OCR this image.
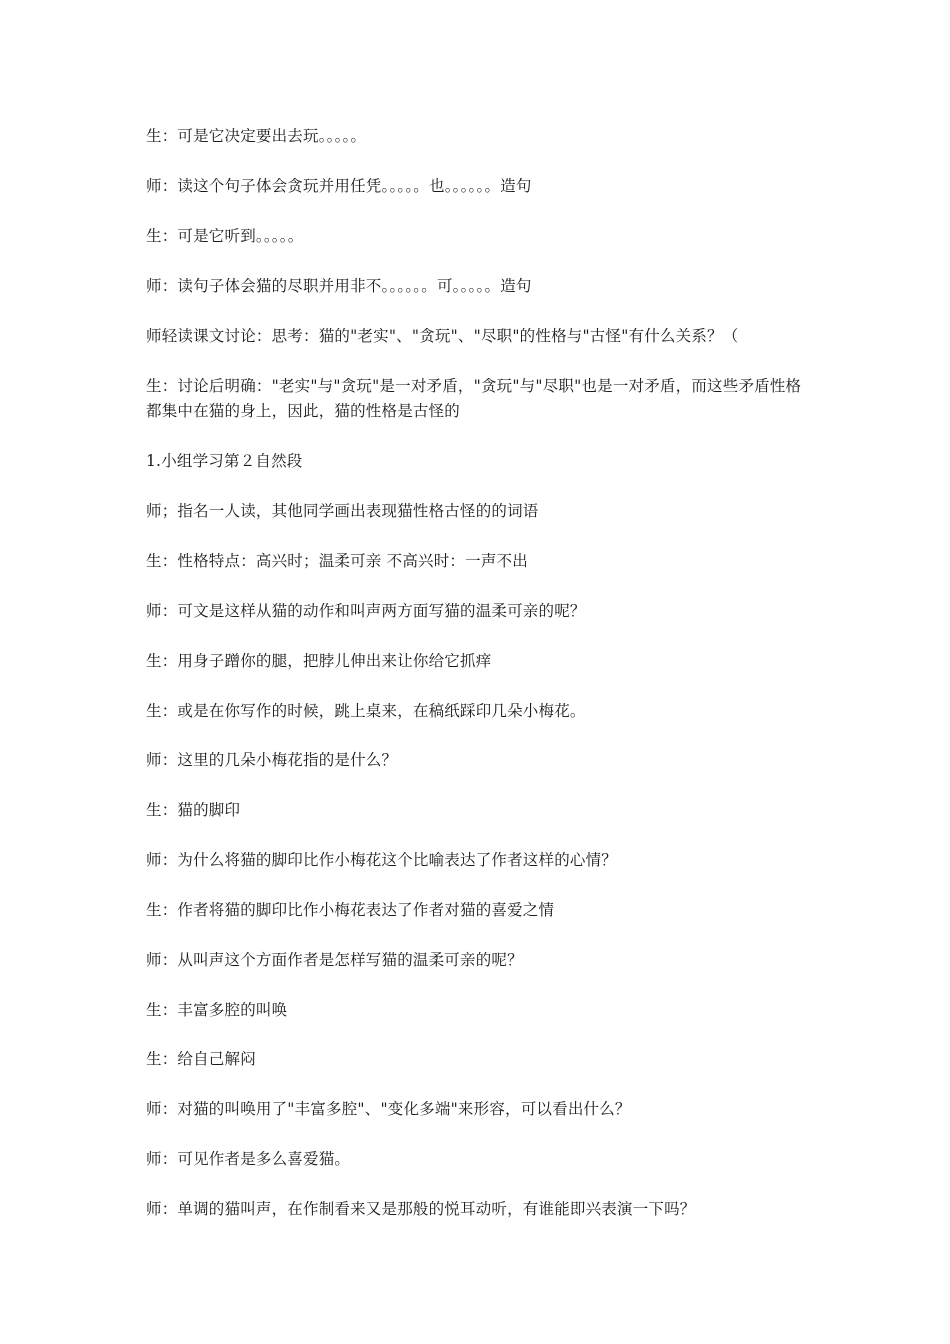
生：可是它决定要出去玩。。。。。
师：读这个句子体会贪玩并用任凭。。。。。也。。。。。。造句
生：可是它听到。。。。。
师：读句子体会猫的尽职并用非不。。。。。。可。。。。。造句
师轻读课文讨论：思考：猫的"老实"、"贪玩"、"尽职"的性格与"古怪"有什么关系？（
生：讨论后明确："老实"与"贪玩"是一对矛盾，"贪玩"与"尽职"也是一对矛盾，而这些矛盾性格都集中在猫的身上，因此，猫的性格是古怪的
1.小组学习第２自然段
师；指名一人读，其他同学画出表现猫性格古怪的的词语
生：性格特点：高兴时；温柔可亲 不高兴时：一声不出
师：可文是这样从猫的动作和叫声两方面写猫的温柔可亲的呢？
生：用身子蹭你的腿，把脖儿伸出来让你给它抓痒
生：或是在你写作的时候，跳上桌来，在稿纸踩印几朵小梅花。
师：这里的几朵小梅花指的是什么？
生：猫的脚印
师：为什么将猫的脚印比作小梅花这个比喻表达了作者这样的心情？
生：作者将猫的脚印比作小梅花表达了作者对猫的喜爱之情
师：从叫声这个方面作者是怎样写猫的温柔可亲的呢？
生：丰富多腔的叫唤
生：给自己解闷
师：对猫的叫唤用了"丰富多腔"、"变化多端"来形容，可以看出什么？
师：可见作者是多么喜爱猫。
师：单调的猫叫声，在作制看来又是那般的悦耳动听，有谁能即兴表演一下吗？
